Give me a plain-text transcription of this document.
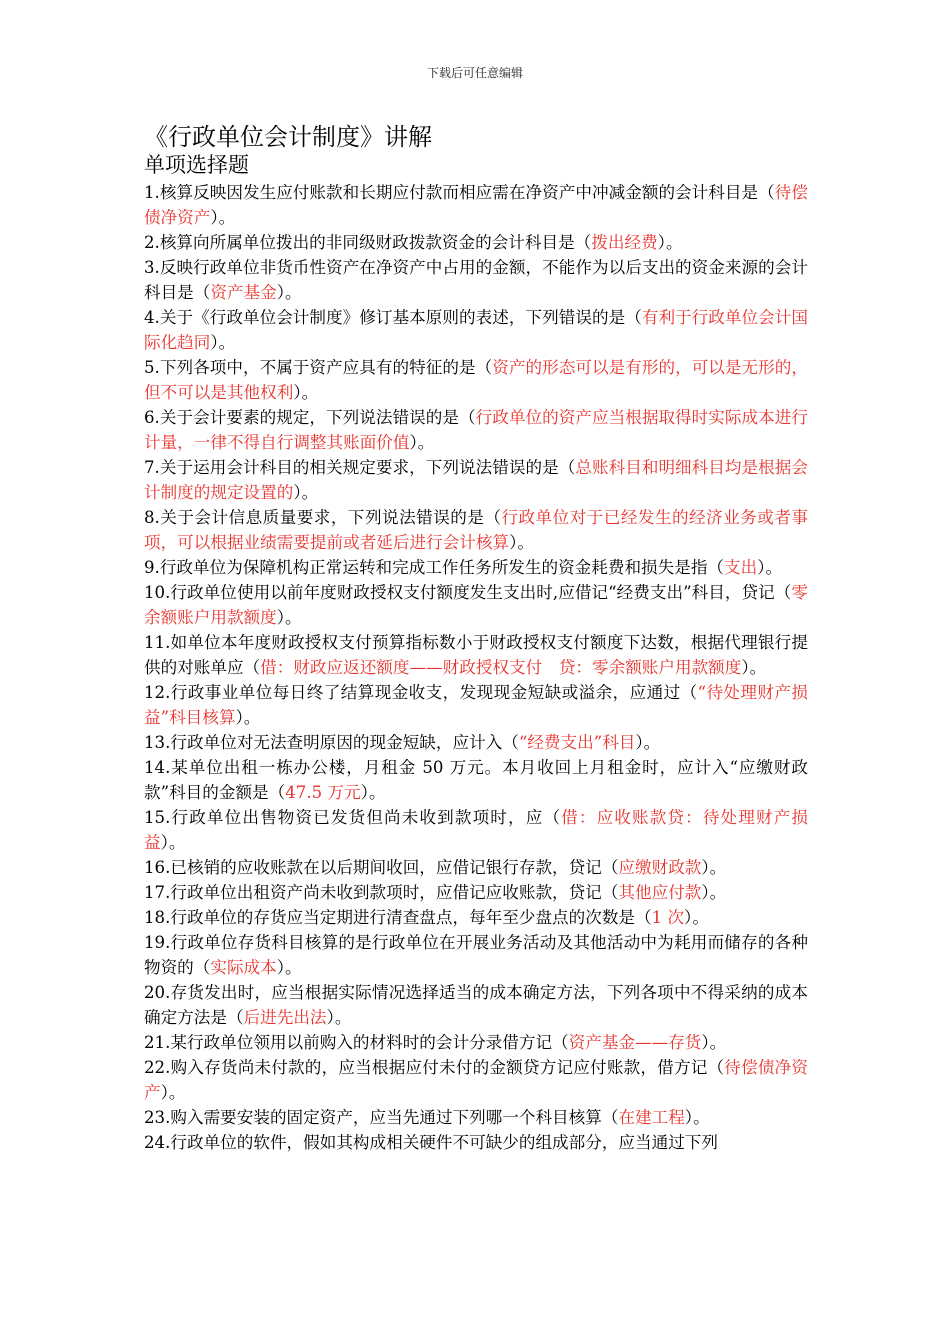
下载后可任意编辑
《行政单位会计制度》讲解
单项选择题

1.核算反映因发生应付账款和长期应付款而相应需在净资产中冲减金额的会计科目是（待偿债净资产）。

2.核算向所属单位拨出的非同级财政拨款资金的会计科目是（拨出经费）。

3.反映行政单位非货币性资产在净资产中占用的金额，不能作为以后支出的资金来源的会计科目是（资产基金）。

4.关于《行政单位会计制度》修订基本原则的表述，下列错误的是（有利于行政单位会计国际化趋同）。

5.下列各项中，不属于资产应具有的特征的是（资产的形态可以是有形的，可以是无形的，但不可以是其他权利）。

6.关于会计要素的规定，下列说法错误的是（行政单位的资产应当根据取得时实际成本进行计量，一律不得自行调整其账面价值）。

7.关于运用会计科目的相关规定要求，下列说法错误的是（总账科目和明细科目均是根据会计制度的规定设置的）。

8.关于会计信息质量要求，下列说法错误的是（行政单位对于已经发生的经济业务或者事项，可以根据业绩需要提前或者延后进行会计核算）。

9.行政单位为保障机构正常运转和完成工作任务所发生的资金耗费和损失是指（支出）。

10.行政单位使用以前年度财政授权支付额度发生支出时,应借记“经费支出”科目，贷记（零余额账户用款额度）。

11.如单位本年度财政授权支付预算指标数小于财政授权支付额度下达数，根据代理银行提供的对账单应（借：财政应返还额度——财政授权支付　贷：零余额账户用款额度）。

12.行政事业单位每日终了结算现金收支，发现现金短缺或溢余，应通过（“待处理财产损益”科目核算）。

13.行政单位对无法查明原因的现金短缺，应计入（“经费支出”科目）。

14.某单位出租一栋办公楼，月租金 50 万元。本月收回上月租金时，应计入“应缴财政款”科目的金额是（47.5 万元）。

15.行政单位出售物资已发货但尚未收到款项时，应（借：应收账款贷：待处理财产损益）。

16.已核销的应收账款在以后期间收回，应借记银行存款，贷记（应缴财政款）。

17.行政单位出租资产尚未收到款项时，应借记应收账款，贷记（其他应付款）。

18.行政单位的存货应当定期进行清查盘点，每年至少盘点的次数是（1 次）。

19.行政单位存货科目核算的是行政单位在开展业务活动及其他活动中为耗用而储存的各种物资的（实际成本）。

20.存货发出时，应当根据实际情况选择适当的成本确定方法，下列各项中不得采纳的成本确定方法是（后进先出法）。

21.某行政单位领用以前购入的材料时的会计分录借方记（资产基金——存货）。

22.购入存货尚未付款的，应当根据应付未付的金额贷方记应付账款，借方记（待偿债净资产）。

23.购入需要安装的固定资产，应当先通过下列哪一个科目核算（在建工程）。

24.行政单位的软件，假如其构成相关硬件不可缺少的组成部分，应当通过下列
